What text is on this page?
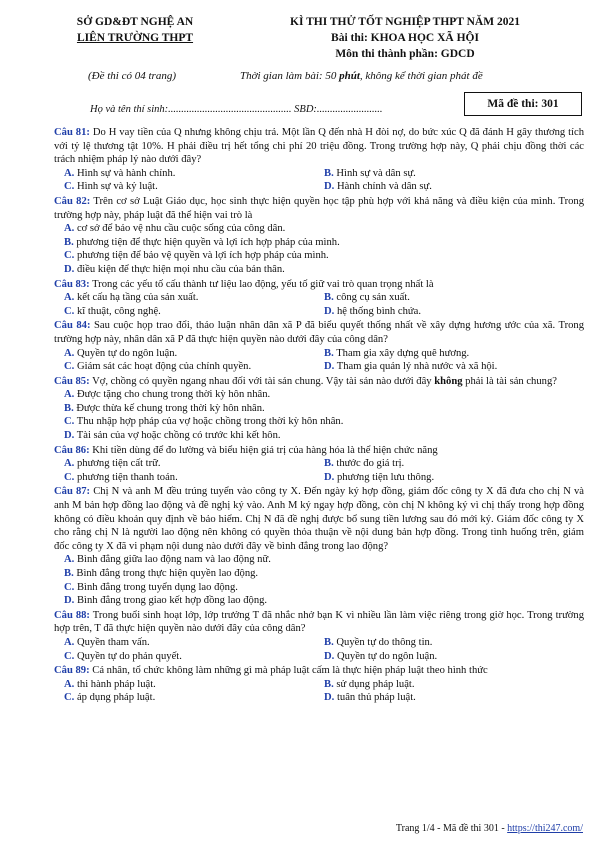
SỞ GD&ĐT NGHỆ AN
LIÊN TRƯỜNG THPT
KÌ THI THỬ TỐT NGHIỆP THPT NĂM 2021
Bài thi: KHOA HỌC XÃ HỘI
Môn thi thành phần: GDCD
(Đề thi có 04 trang)	Thời gian làm bài: 50 phút, không kể thời gian phát đề
Họ và tên thí sinh:............................................... SBD:.........................	Mã đề thi: 301
Câu 81: Do H vay tiền của Q nhưng không chịu trả. Một lần Q đến nhà H đòi nợ, do bức xúc Q đã đánh H gây thương tích với tỷ lệ thương tật 10%. H phải điều trị hết tổng chi phí 20 triệu đồng. Trong trường hợp này, Q phải chịu đồng thời các trách nhiệm pháp lý nào dưới đây?
A. Hình sự và hành chính.	B. Hình sự và dân sự.
C. Hình sự và kỷ luật.	D. Hành chính và dân sự.
Câu 82: Trên cơ sở Luật Giáo dục, học sinh thực hiện quyền học tập phù hợp với khả năng và điều kiện của mình. Trong trường hợp này, pháp luật đã thể hiện vai trò là
A. cơ sở để bảo vệ nhu cầu cuộc sống của công dân.
B. phương tiện để thực hiện quyền và lợi ích hợp pháp của mình.
C. phương tiện để bảo vệ quyền và lợi ích hợp pháp của mình.
D. điều kiện để thực hiện mọi nhu cầu của bản thân.
Câu 83: Trong các yếu tố cấu thành tư liệu lao động, yếu tố giữ vai trò quan trọng nhất là
A. kết cấu hạ tầng của sản xuất.	B. công cụ sản xuất.
C. kĩ thuật, công nghệ.	D. hệ thống bình chứa.
Câu 84: Sau cuộc họp trao đổi, thảo luận nhân dân xã P đã biểu quyết thống nhất về xây dựng hương ước của xã. Trong trường hợp này, nhân dân xã P đã thực hiện quyền nào dưới đây của công dân?
A. Quyền tự do ngôn luận.	B. Tham gia xây dựng quê hương.
C. Giám sát các hoạt động của chính quyền.	D. Tham gia quản lý nhà nước và xã hội.
Câu 85: Vợ, chồng có quyền ngang nhau đối với tài sản chung. Vậy tài sản nào dưới đây không phải là tài sản chung?
A. Được tặng cho chung trong thời kỳ hôn nhân.
B. Được thừa kế chung trong thời kỳ hôn nhân.
C. Thu nhập hợp pháp của vợ hoặc chồng trong thời kỳ hôn nhân.
D. Tài sản của vợ hoặc chồng có trước khi kết hôn.
Câu 86: Khi tiền dùng để đo lường và biểu hiện giá trị của hàng hóa là thể hiện chức năng
A. phương tiện cất trữ.	B. thước đo giá trị.
C. phương tiện thanh toán.	D. phương tiện lưu thông.
Câu 87: Chị N và anh M đều trúng tuyển vào công ty X. Đến ngày ký hợp đồng, giám đốc công ty X đã đưa cho chị N và anh M bản hợp đồng lao động và đề nghị ký vào. Anh M ký ngay hợp đồng, còn chị N không ký vì chị thấy trong hợp đồng không có điều khoản quy định về bảo hiểm. Chị N đã đề nghị được bổ sung tiền lương sau đó mới ký. Giám đốc công ty X cho rằng chị N là người lao động nên không có quyền thỏa thuận về nội dung bản hợp đồng. Trong tình huống trên, giám đốc công ty X đã vi phạm nội dung nào dưới đây về bình đẳng trong lao động?
A. Bình đẳng giữa lao động nam và lao động nữ.
B. Bình đẳng trong thực hiện quyền lao động.
C. Bình đẳng trong tuyển dụng lao động.
D. Bình đẳng trong giao kết hợp đồng lao động.
Câu 88: Trong buổi sinh hoạt lớp, lớp trưởng T đã nhắc nhở bạn K vì nhiều lần làm việc riêng trong giờ học. Trong trường hợp trên, T đã thực hiện quyền nào dưới đây của công dân?
A. Quyền tham vấn.	B. Quyền tự do thông tin.
C. Quyền tự do phản quyết.	D. Quyền tự do ngôn luận.
Câu 89: Cá nhân, tổ chức không làm những gì mà pháp luật cấm là thực hiện pháp luật theo hình thức
A. thi hành pháp luật.	B. sử dụng pháp luật.
C. áp dụng pháp luật.	D. tuân thủ pháp luật.
Trang 1/4 - Mã đề thi 301 - https://thi247.com/
